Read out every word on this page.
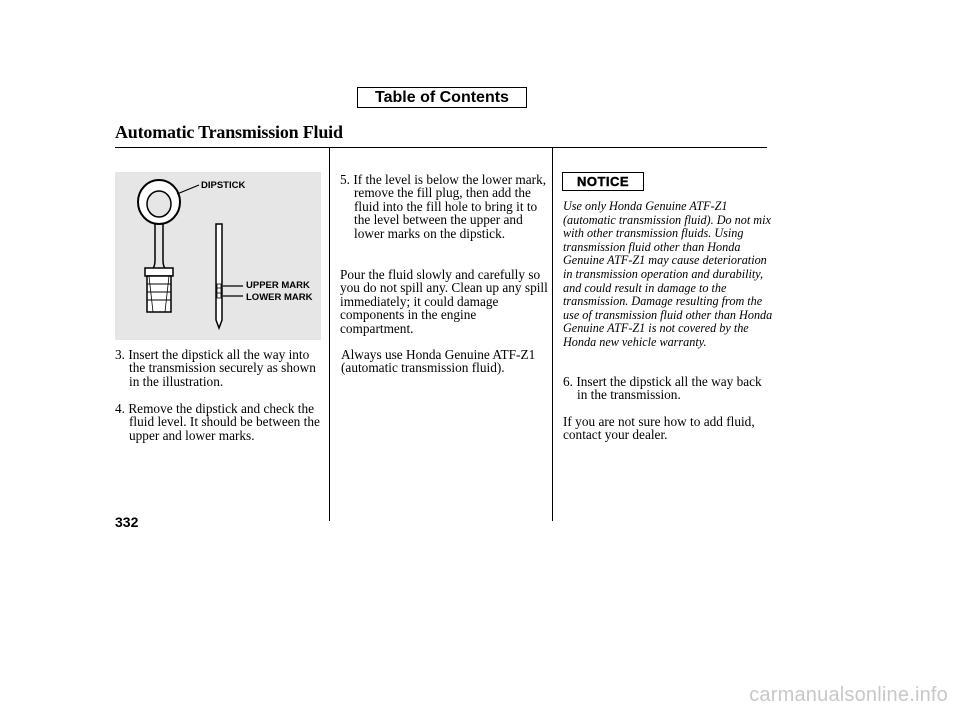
Table of Contents
Automatic Transmission Fluid
DIPSTICK
UPPER MARK
LOWER MARK
3. Insert the dipstick all the way into the transmission securely as shown in the illustration.
4. Remove the dipstick and check the fluid level. It should be between the upper and lower marks.
5. If the level is below the lower mark, remove the fill plug, then add the fluid into the fill hole to bring it to the level between the upper and lower marks on the dipstick.
Pour the fluid slowly and carefully so you do not spill any. Clean up any spill immediately; it could damage components in the engine compartment.
Always use Honda Genuine ATF-Z1 (automatic transmission fluid).
NOTICE
Use only Honda Genuine ATF-Z1 (automatic transmission fluid). Do not mix with other transmission fluids. Using transmission fluid other than Honda Genuine ATF-Z1 may cause deterioration in transmission operation and durability, and could result in damage to the transmission. Damage resulting from the use of transmission fluid other than Honda Genuine ATF-Z1 is not covered by the Honda new vehicle warranty.
6. Insert the dipstick all the way back in the transmission.
If you are not sure how to add fluid, contact your dealer.
332
carmanualsonline.info
